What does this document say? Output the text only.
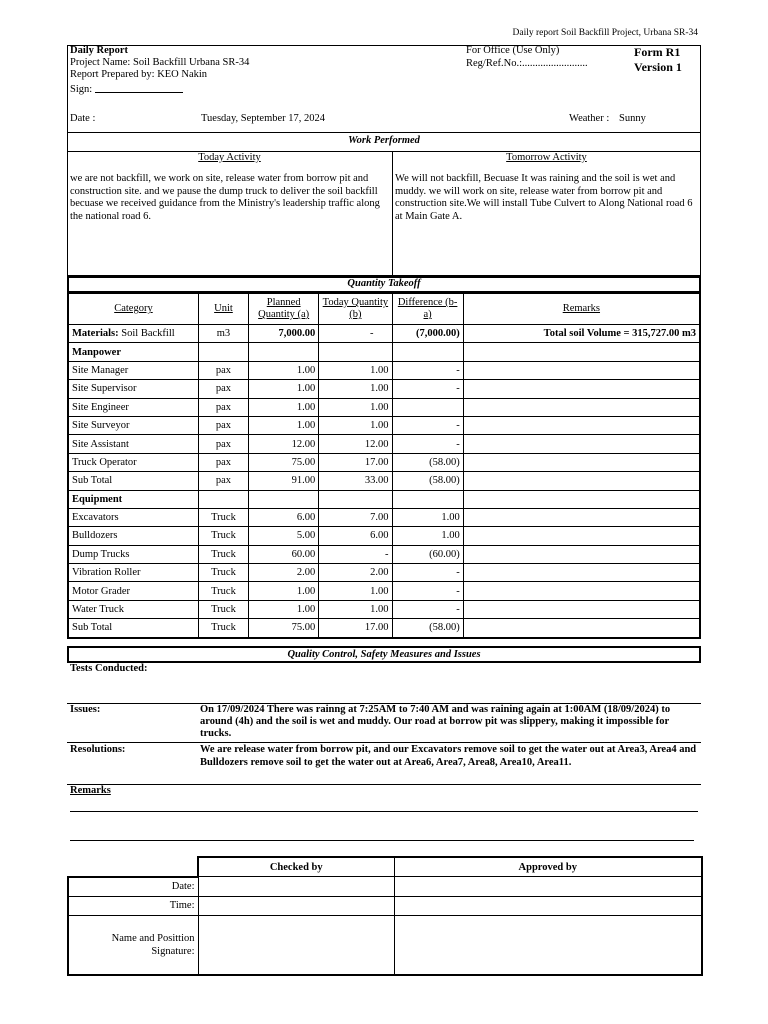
Daily report Soil Backfill Project, Urbana SR-34
Daily Report
Project Name: Soil Backfill Urbana SR-34
Report Prepared by: KEO Nakin
Sign:
For Office (Use Only)
Reg/Ref.No.:.........................
Form R1
Version 1
Date :	Tuesday, September 17, 2024	Weather : Sunny
Work Performed
Today Activity	Tomorrow Activity
we are not backfill, we work on site, release water from borrow pit and construction site. and we pause the dump truck to deliver the soil backfill becuase we received guidance from the Ministry's leadership traffic along the national road 6.
We will not backfill, Becuase It was raining and the soil is wet and muddy. we will work on site, release water from borrow pit and construction site.We will install Tube Culvert to Along National road 6 at Main Gate A.
Quantity Takeoff
Category	Unit	Planned Quantity (a)	Today Quantity (b)	Difference (b-a)	Remarks
Materials: Soil Backfill	m3	7,000.00	-	(7,000.00)	Total soil Volume = 315,727.00 m3
Manpower					
Site Manager	pax	1.00	1.00	-	
Site Supervisor	pax	1.00	1.00	-	
Site Engineer	pax	1.00	1.00		
Site Surveyor	pax	1.00	1.00	-	
Site Assistant	pax	12.00	12.00	-	
Truck Operator	pax	75.00	17.00	(58.00)	
Sub Total	pax	91.00	33.00	(58.00)	
Equipment					
Excavators	Truck	6.00	7.00	1.00	
Bulldozers	Truck	5.00	6.00	1.00	
Dump Trucks	Truck	60.00	-	(60.00)	
Vibration Roller	Truck	2.00	2.00	-	
Motor Grader	Truck	1.00	1.00	-	
Water Truck	Truck	1.00	1.00	-	
Sub Total	Truck	75.00	17.00	(58.00)	
Quality Control, Safety Measures and Issues
Tests Conducted:
Issues:	On 17/09/2024 There was rainng at 7:25AM to 7:40 AM and was raining again at 1:00AM (18/09/2024) to around (4h) and the soil is wet and muddy. Our road at borrow pit was slippery, making it impossible for trucks.
Resolutions:	We are release water from borrow pit, and our Excavators remove soil to get the water out at Area3, Area4 and Bulldozers remove soil to get the water out at Area6, Area7, Area8, Area10, Area11.
Remarks
	Checked by	Approved by
Date:		
Time:		
Name and Posittion
Signature:		
